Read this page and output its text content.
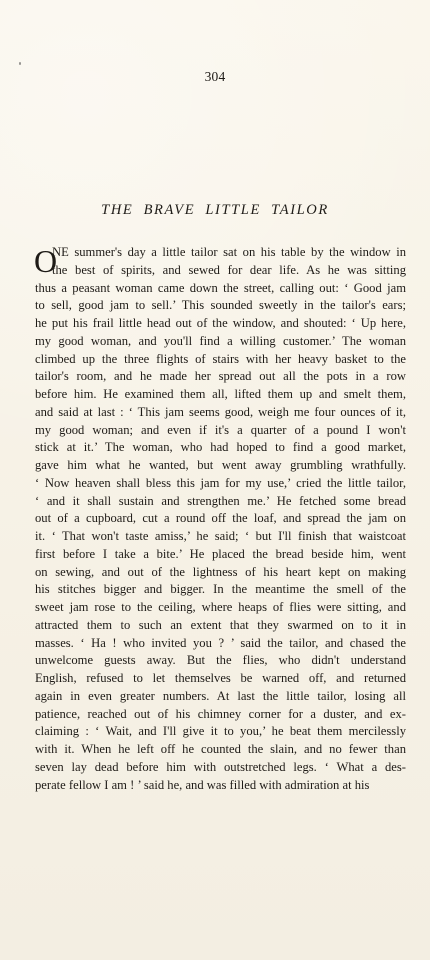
304
THE BRAVE LITTLE TAILOR
O
NE summer's day a little tailor sat on his table by the window in
the best of spirits, and sewed for dear life. As he was sitting
thus a peasant woman came down the street, calling out: ‘ Good jam
to sell, good jam to sell.’ This sounded sweetly in the tailor's ears;
he put his frail little head out of the window, and shouted: ‘ Up here,
my good woman, and you'll find a willing customer.’ The woman
climbed up the three flights of stairs with her heavy basket to the
tailor's room, and he made her spread out all the pots in a row
before him. He examined them all, lifted them up and smelt them,
and said at last : ‘ This jam seems good, weigh me four ounces of it,
my good woman; and even if it's a quarter of a pound I won't
stick at it.’ The woman, who had hoped to find a good market,
gave him what he wanted, but went away grumbling wrathfully.
‘ Now heaven shall bless this jam for my use,’ cried the little tailor,
‘ and it shall sustain and strengthen me.’ He fetched some bread
out of a cupboard, cut a round off the loaf, and spread the jam on
it. ‘ That won't taste amiss,’ he said; ‘ but I'll finish that waistcoat
first before I take a bite.’ He placed the bread beside him, went
on sewing, and out of the lightness of his heart kept on making
his stitches bigger and bigger. In the meantime the smell of the
sweet jam rose to the ceiling, where heaps of flies were sitting, and
attracted them to such an extent that they swarmed on to it in
masses. ‘ Ha ! who invited you ? ’ said the tailor, and chased the
unwelcome guests away. But the flies, who didn't understand
English, refused to let themselves be warned off, and returned
again in even greater numbers. At last the little tailor, losing all
patience, reached out of his chimney corner for a duster, and ex-
claiming : ‘ Wait, and I'll give it to you,’ he beat them mercilessly
with it. When he left off he counted the slain, and no fewer than
seven lay dead before him with outstretched legs. ‘ What a des-
perate fellow I am ! ’ said he, and was filled with admiration at his
